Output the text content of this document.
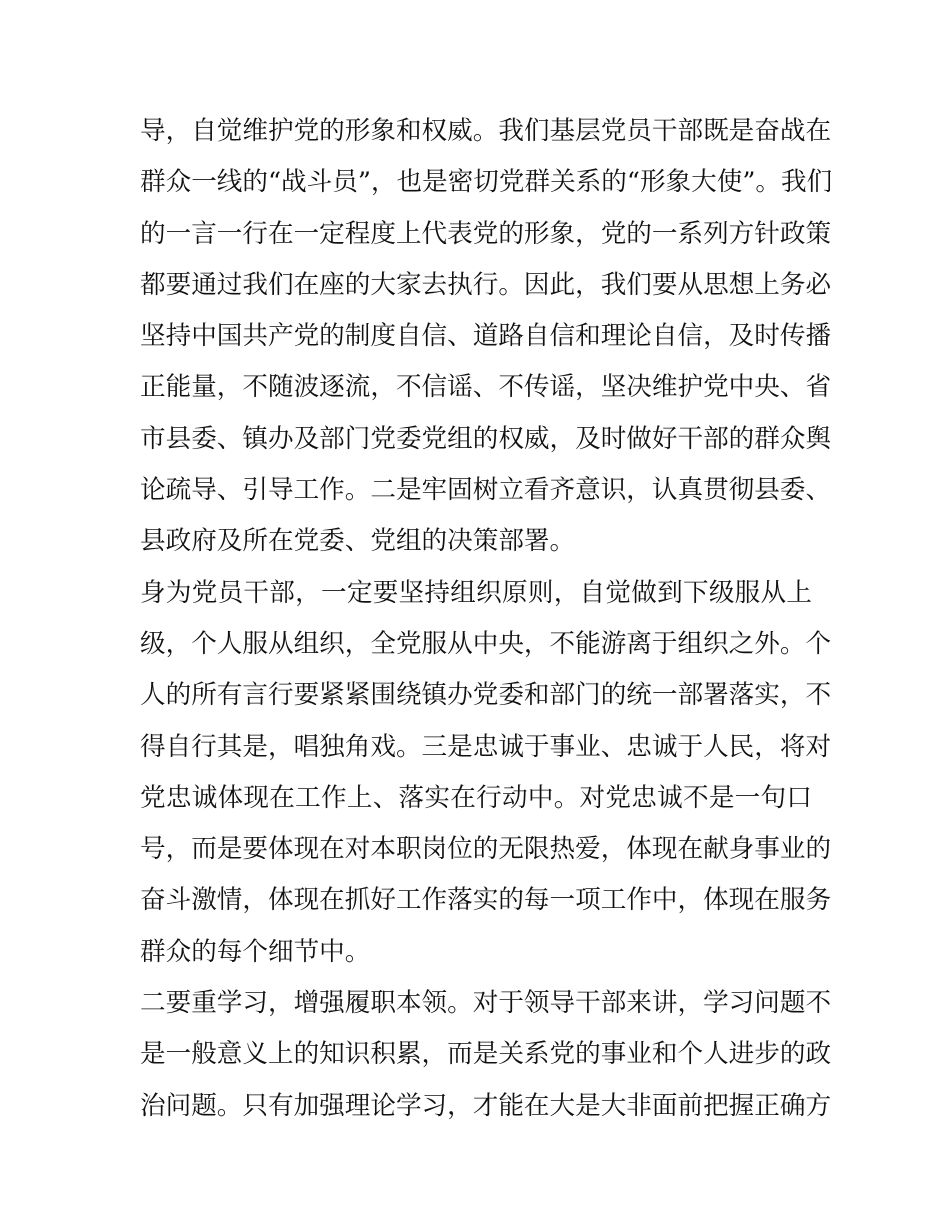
导，自觉维护党的形象和权威。我们基层党员干部既是奋战在
群众一线的“战斗员”，也是密切党群关系的“形象大使”。我们
的一言一行在一定程度上代表党的形象，党的一系列方针政策
都要通过我们在座的大家去执行。因此，我们要从思想上务必
坚持中国共产党的制度自信、道路自信和理论自信，及时传播
正能量，不随波逐流，不信谣、不传谣，坚决维护党中央、省
市县委、镇办及部门党委党组的权威，及时做好干部的群众舆
论疏导、引导工作。二是牢固树立看齐意识，认真贯彻县委、
县政府及所在党委、党组的决策部署。
身为党员干部，一定要坚持组织原则，自觉做到下级服从上
级，个人服从组织，全党服从中央，不能游离于组织之外。个
人的所有言行要紧紧围绕镇办党委和部门的统一部署落实，不
得自行其是，唱独角戏。三是忠诚于事业、忠诚于人民，将对
党忠诚体现在工作上、落实在行动中。对党忠诚不是一句口
号，而是要体现在对本职岗位的无限热爱，体现在献身事业的
奋斗激情，体现在抓好工作落实的每一项工作中，体现在服务
群众的每个细节中。
二要重学习，增强履职本领。对于领导干部来讲，学习问题不
是一般意义上的知识积累，而是关系党的事业和个人进步的政
治问题。只有加强理论学习，才能在大是大非面前把握正确方
